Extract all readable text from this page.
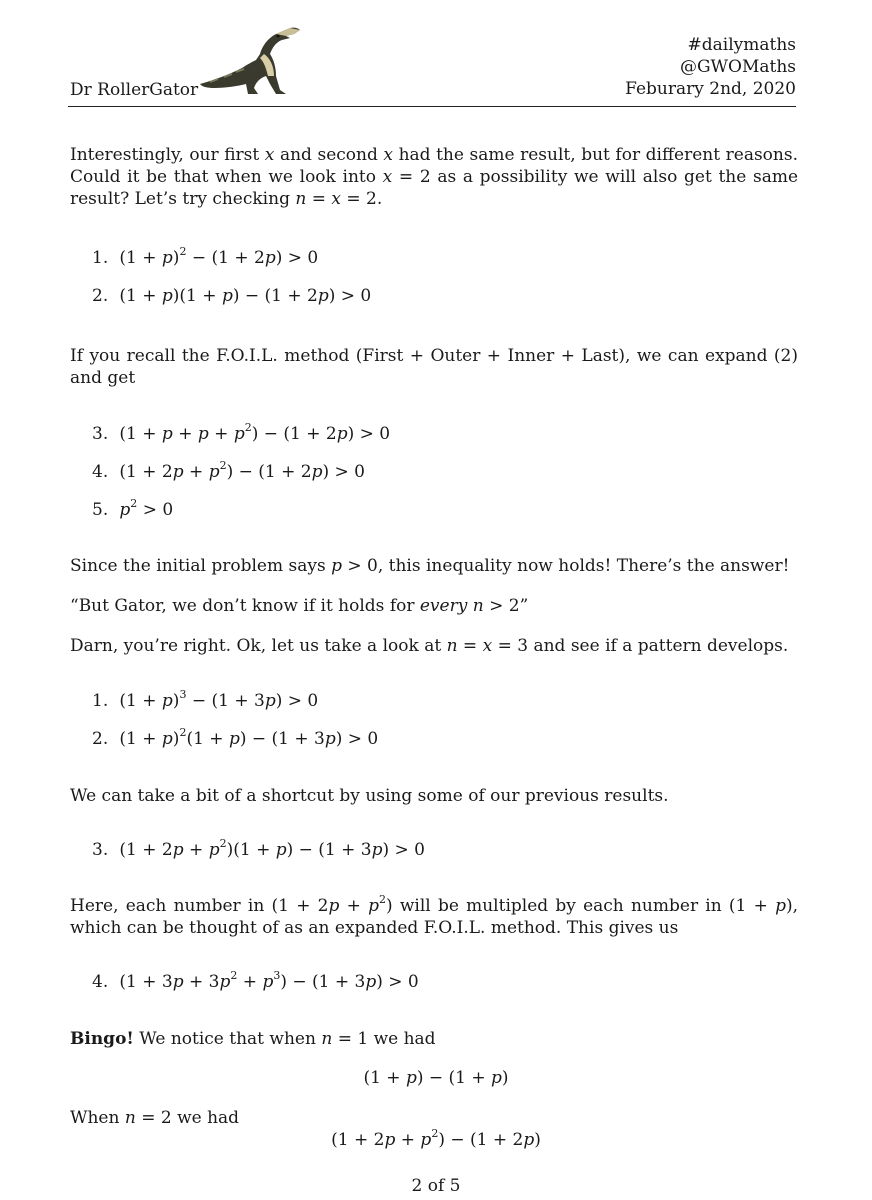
Dr RollerGator
#dailymaths
@GWOMaths
Feburary 2nd, 2020
Interestingly, our first x and second x had the same result, but for different reasons. Could it be that when we look into x = 2 as a possibility we will also get the same result? Let’s try checking n = x = 2.
1. $(1 + p)^2 - (1 + 2p) > 0$
2. (1 + p)(1 + p) − (1 + 2p) > 0
If you recall the F.O.I.L. method (First + Outer + Inner + Last), we can expand (2) and get
3. $(1 + p + p + p^2) - (1 + 2p) > 0$
4. $(1 + 2p + p^2) - (1 + 2p) > 0$
5. $p^2 > 0$
Since the initial problem says p > 0, this inequality now holds! There’s the answer!
“But Gator, we don’t know if it holds for every n > 2”
Darn, you’re right. Ok, let us take a look at n = x = 3 and see if a pattern develops.
1. $(1 + p)^3 - (1 + 3p) > 0$
2. $(1 + p)^2(1 + p) - (1 + 3p) > 0$
We can take a bit of a shortcut by using some of our previous results.
3. $(1 + 2p + p^2)(1 + p) - (1 + 3p) > 0$
Here, each number in $(1 + 2p + p^2)$ will be multipled by each number in (1 + p), which can be thought of as an expanded F.O.I.L. method. This gives us
4. $(1 + 3p + 3p^2 + p^3) - (1 + 3p) > 0$
Bingo! We notice that when n = 1 we had
(1 + p) − (1 + p)
When n = 2 we had
$(1 + 2p + p^2) - (1 + 2p)$
2 of 5
